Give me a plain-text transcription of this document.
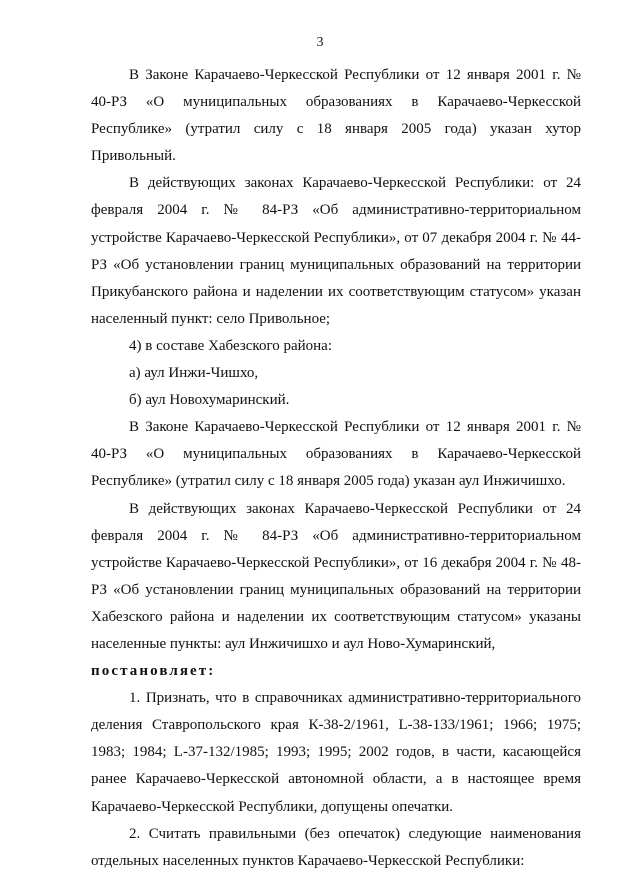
3

В Законе Карачаево-Черкесской Республики от 12 января 2001 г. № 40-РЗ «О муниципальных образованиях в Карачаево-Черкесской Республике» (утратил силу с 18 января 2005 года) указан хутор Привольный.

В действующих законах Карачаево-Черкесской Республики: от 24 февраля 2004 г. № 84-РЗ «Об административно-территориальном устройстве Карачаево-Черкесской Республики», от 07 декабря 2004 г. № 44-РЗ «Об установлении границ муниципальных образований на территории Прикубанского района и наделении их соответствующим статусом» указан населенный пункт: село Привольное;

4) в составе Хабезского района:

а) аул Инжи-Чишхо,

б) аул Новохумаринский.

В Законе Карачаево-Черкесской Республики от 12 января 2001 г. № 40-РЗ «О муниципальных образованиях в Карачаево-Черкесской Республике» (утратил силу с 18 января 2005 года) указан аул Инжичишхо.

В действующих законах Карачаево-Черкесской Республики от 24 февраля 2004 г. № 84-РЗ «Об административно-территориальном устройстве Карачаево-Черкесской Республики», от 16 декабря 2004 г. № 48-РЗ «Об установлении границ муниципальных образований на территории Хабезского района и наделении их соответствующим статусом» указаны населенные пункты: аул Инжичишхо и аул Ново-Хумаринский,

постановляет:

1. Признать, что в справочниках административно-территориального деления Ставропольского края К-38-2/1961, L-38-133/1961; 1966; 1975; 1983; 1984; L-37-132/1985; 1993; 1995; 2002 годов, в части, касающейся ранее Карачаево-Черкесской автономной области, а в настоящее время Карачаево-Черкесской Республики, допущены опечатки.

2. Считать правильными (без опечаток) следующие наименования отдельных населенных пунктов Карачаево-Черкесской Республики:
